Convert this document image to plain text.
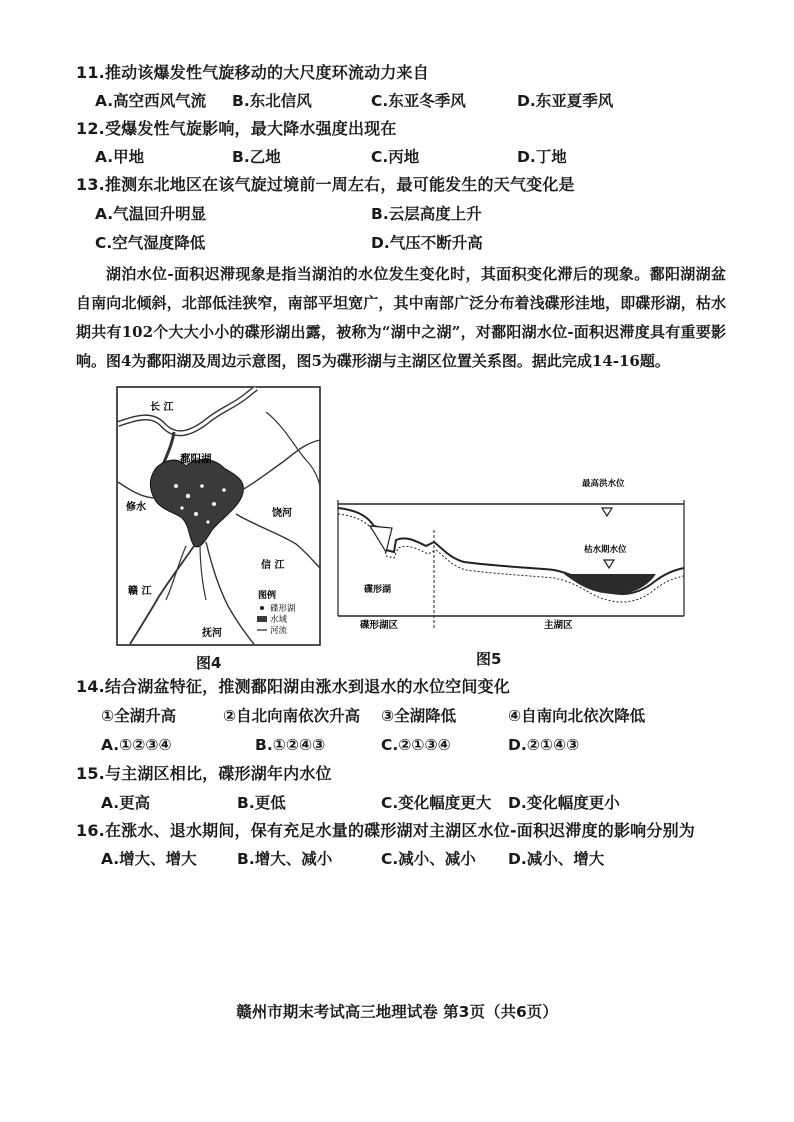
11.推动该爆发性气旋移动的大尺度环流动力来自
A.高空西风气流 B.东北信风	C.东亚冬季风	D.东亚夏季风
12.受爆发性气旋影响，最大降水强度出现在
A.甲地	B.乙地	C.丙地	D.丁地
13.推测东北地区在该气旋过境前一周左右，最可能发生的天气变化是
A.气温回升明显	B.云层高度上升
C.空气湿度降低	D.气压不断升高
湖泊水位-面积迟滞现象是指当湖泊的水位发生变化时，其面积变化滞后的现象。鄱阳湖湖盆自南向北倾斜，北部低洼狭窄，南部平坦宽广，其中南部广泛分布着浅碟形洼地，即碟形湖，枯水期共有102个大大小小的碟形湖出露，被称为“湖中之湖”，对鄱阳湖水位-面积迟滞度具有重要影响。图4为鄱阳湖及周边示意图，图5为碟形湖与主湖区位置关系图。据此完成14-16题。
长 江
鄱阳湖
修水
饶河
信 江
赣 江
抚河
图例
碟形湖
水域
河流
图4
最高洪水位
枯水期水位
碟形湖
碟形湖区	主湖区
图5
14.结合湖盆特征，推测鄱阳湖由涨水到退水的水位空间变化
①全湖升高	②自北向南依次升高 ③全湖降低	④自南向北依次降低
A.①②③④	B.①②④③	C.②①③④	D.②①④③
15.与主湖区相比，碟形湖年内水位
A.更高	B.更低	C.变化幅度更大 D.变化幅度更小
16.在涨水、退水期间，保有充足水量的碟形湖对主湖区水位-面积迟滞度的影响分别为
A.增大、增大	B.增大、减小	C.减小、减小 D.减小、增大
赣州市期末考试高三地理试卷 第3页（共6页）
